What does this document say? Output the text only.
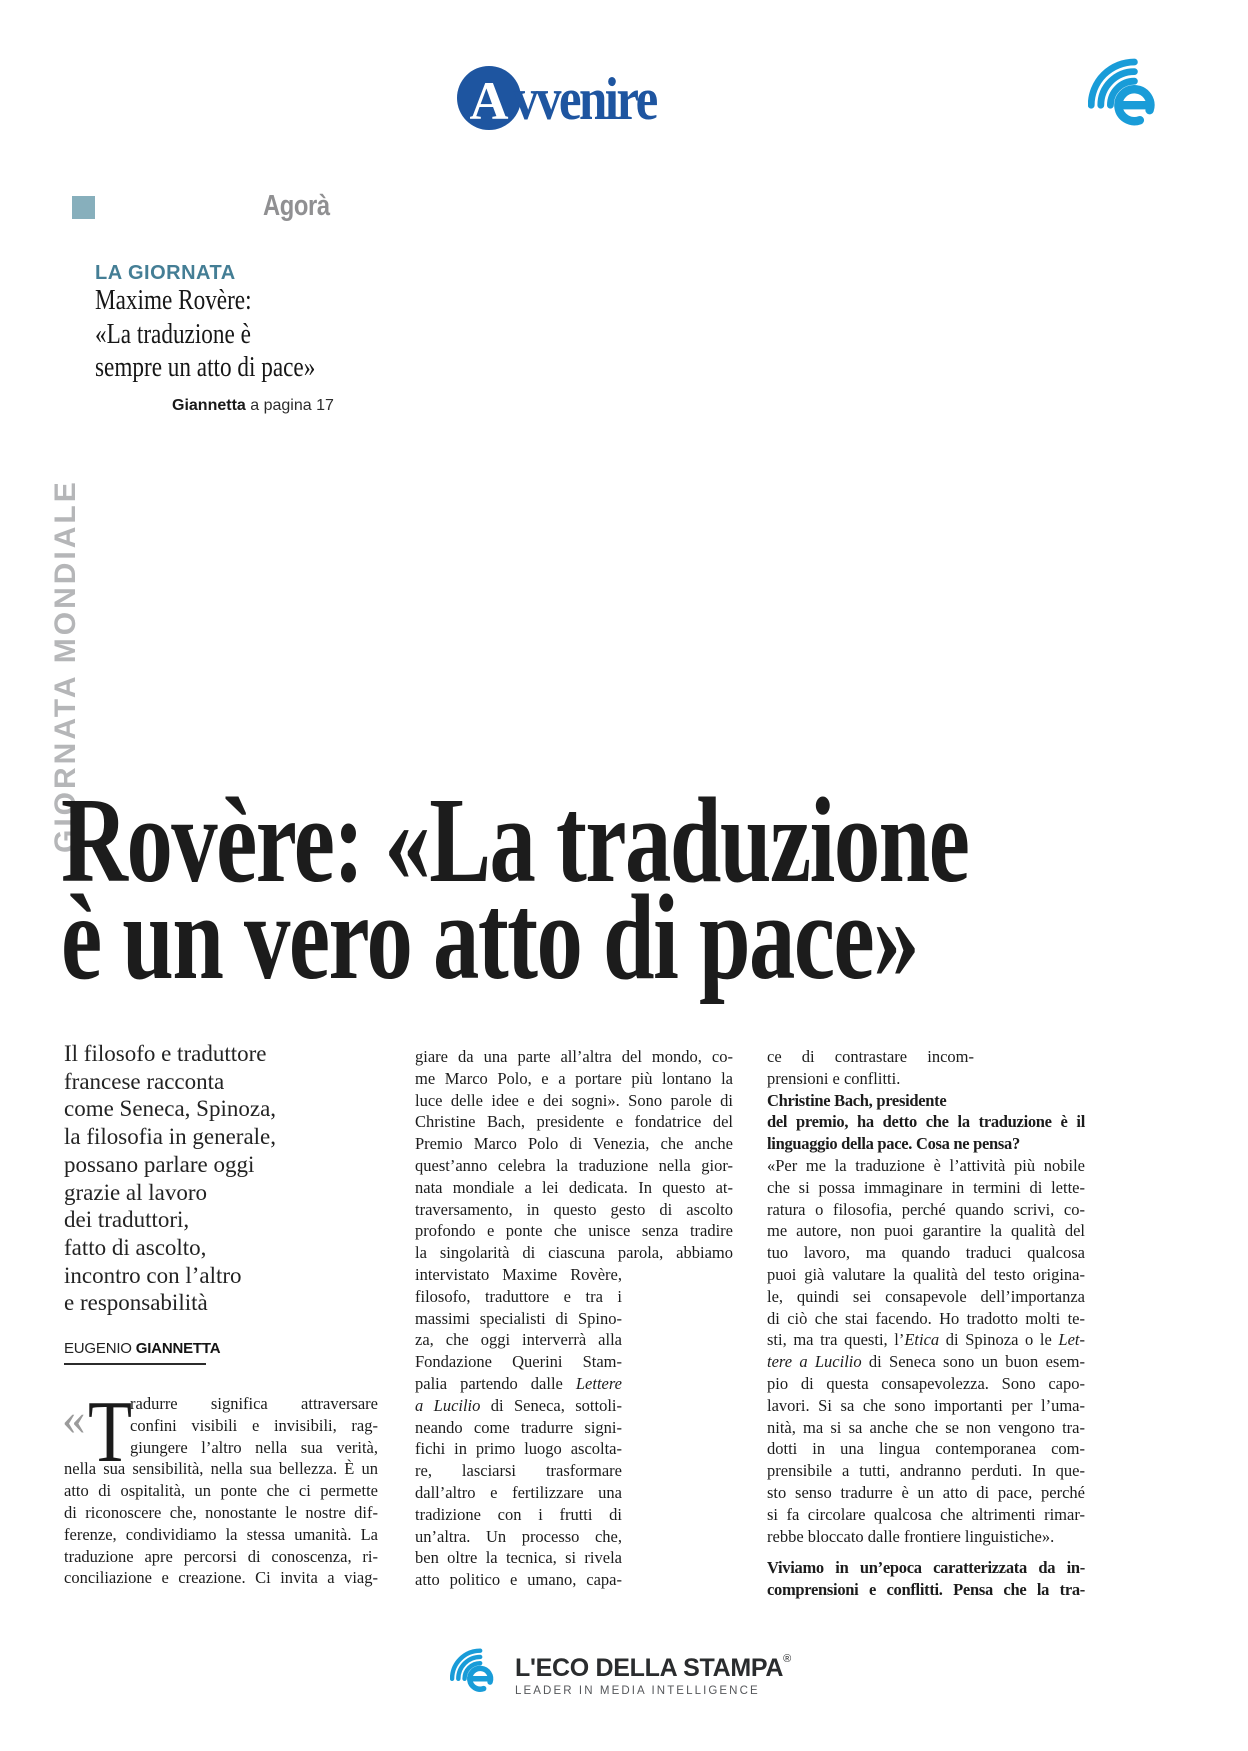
A vvenire
Agorà
LA GIORNATA
Maxime Rovère:
«La traduzione è
sempre un atto di pace»
Giannetta a pagina 17
GIORNATA MONDIALE
Rovère: «La traduzione
è un vero atto di pace»
Il filosofo e traduttore
francese racconta
come Seneca, Spinoza,
la filosofia in generale,
possano parlare oggi
grazie al lavoro
dei traduttori,
fatto di ascolto,
incontro con l’altro
e responsabilità
EUGENIO GIANNETTA
« T
radurre significa attraversare
confini visibili e invisibili, rag-
giungere l’altro nella sua verità,
nella sua sensibilità, nella sua bellezza. È un
atto di ospitalità, un ponte che ci permette
di riconoscere che, nonostante le nostre dif-
ferenze, condividiamo la stessa umanità. La
traduzione apre percorsi di conoscenza, ri-
conciliazione e creazione. Ci invita a viag-
giare da una parte all’altra del mondo, co-
me Marco Polo, e a portare più lontano la
luce delle idee e dei sogni». Sono parole di
Christine Bach, presidente e fondatrice del
Premio Marco Polo di Venezia, che anche
quest’anno celebra la traduzione nella gior-
nata mondiale a lei dedicata. In questo at-
traversamento, in questo gesto di ascolto
profondo e ponte che unisce senza tradire
la singolarità di ciascuna parola, abbiamo
intervistato Maxime Rovère,
filosofo, traduttore e tra i
massimi specialisti di Spino-
za, che oggi interverrà alla
Fondazione Querini Stam-
palia partendo dalle Lettere
a Lucilio di Seneca, sottoli-
neando come tradurre signi-
fichi in primo luogo ascolta-
re, lasciarsi trasformare
dall’altro e fertilizzare una
tradizione con i frutti di
un’altra. Un processo che,
ben oltre la tecnica, si rivela
atto politico e umano, capa-
ce di contrastare incom-
prensioni e conflitti.
Christine Bach, presidente
del premio, ha detto che la traduzione è il
linguaggio della pace. Cosa ne pensa?
«Per me la traduzione è l’attività più nobile
che si possa immaginare in termini di lette-
ratura o filosofia, perché quando scrivi, co-
me autore, non puoi garantire la qualità del
tuo lavoro, ma quando traduci qualcosa
puoi già valutare la qualità del testo origina-
le, quindi sei consapevole dell’importanza
di ciò che stai facendo. Ho tradotto molti te-
sti, ma tra questi, l’Etica di Spinoza o le Let-
tere a Lucilio di Seneca sono un buon esem-
pio di questa consapevolezza. Sono capo-
lavori. Si sa che sono importanti per l’uma-
nità, ma si sa anche che se non vengono tra-
dotti in una lingua contemporanea com-
prensibile a tutti, andranno perduti. In que-
sto senso tradurre è un atto di pace, perché
si fa circolare qualcosa che altrimenti rimar-
rebbe bloccato dalle frontiere linguistiche».
Viviamo in un’epoca caratterizzata da in-
comprensioni e conflitti. Pensa che la tra-
L'ECO DELLA STAMPA®
LEADER IN MEDIA INTELLIGENCE
